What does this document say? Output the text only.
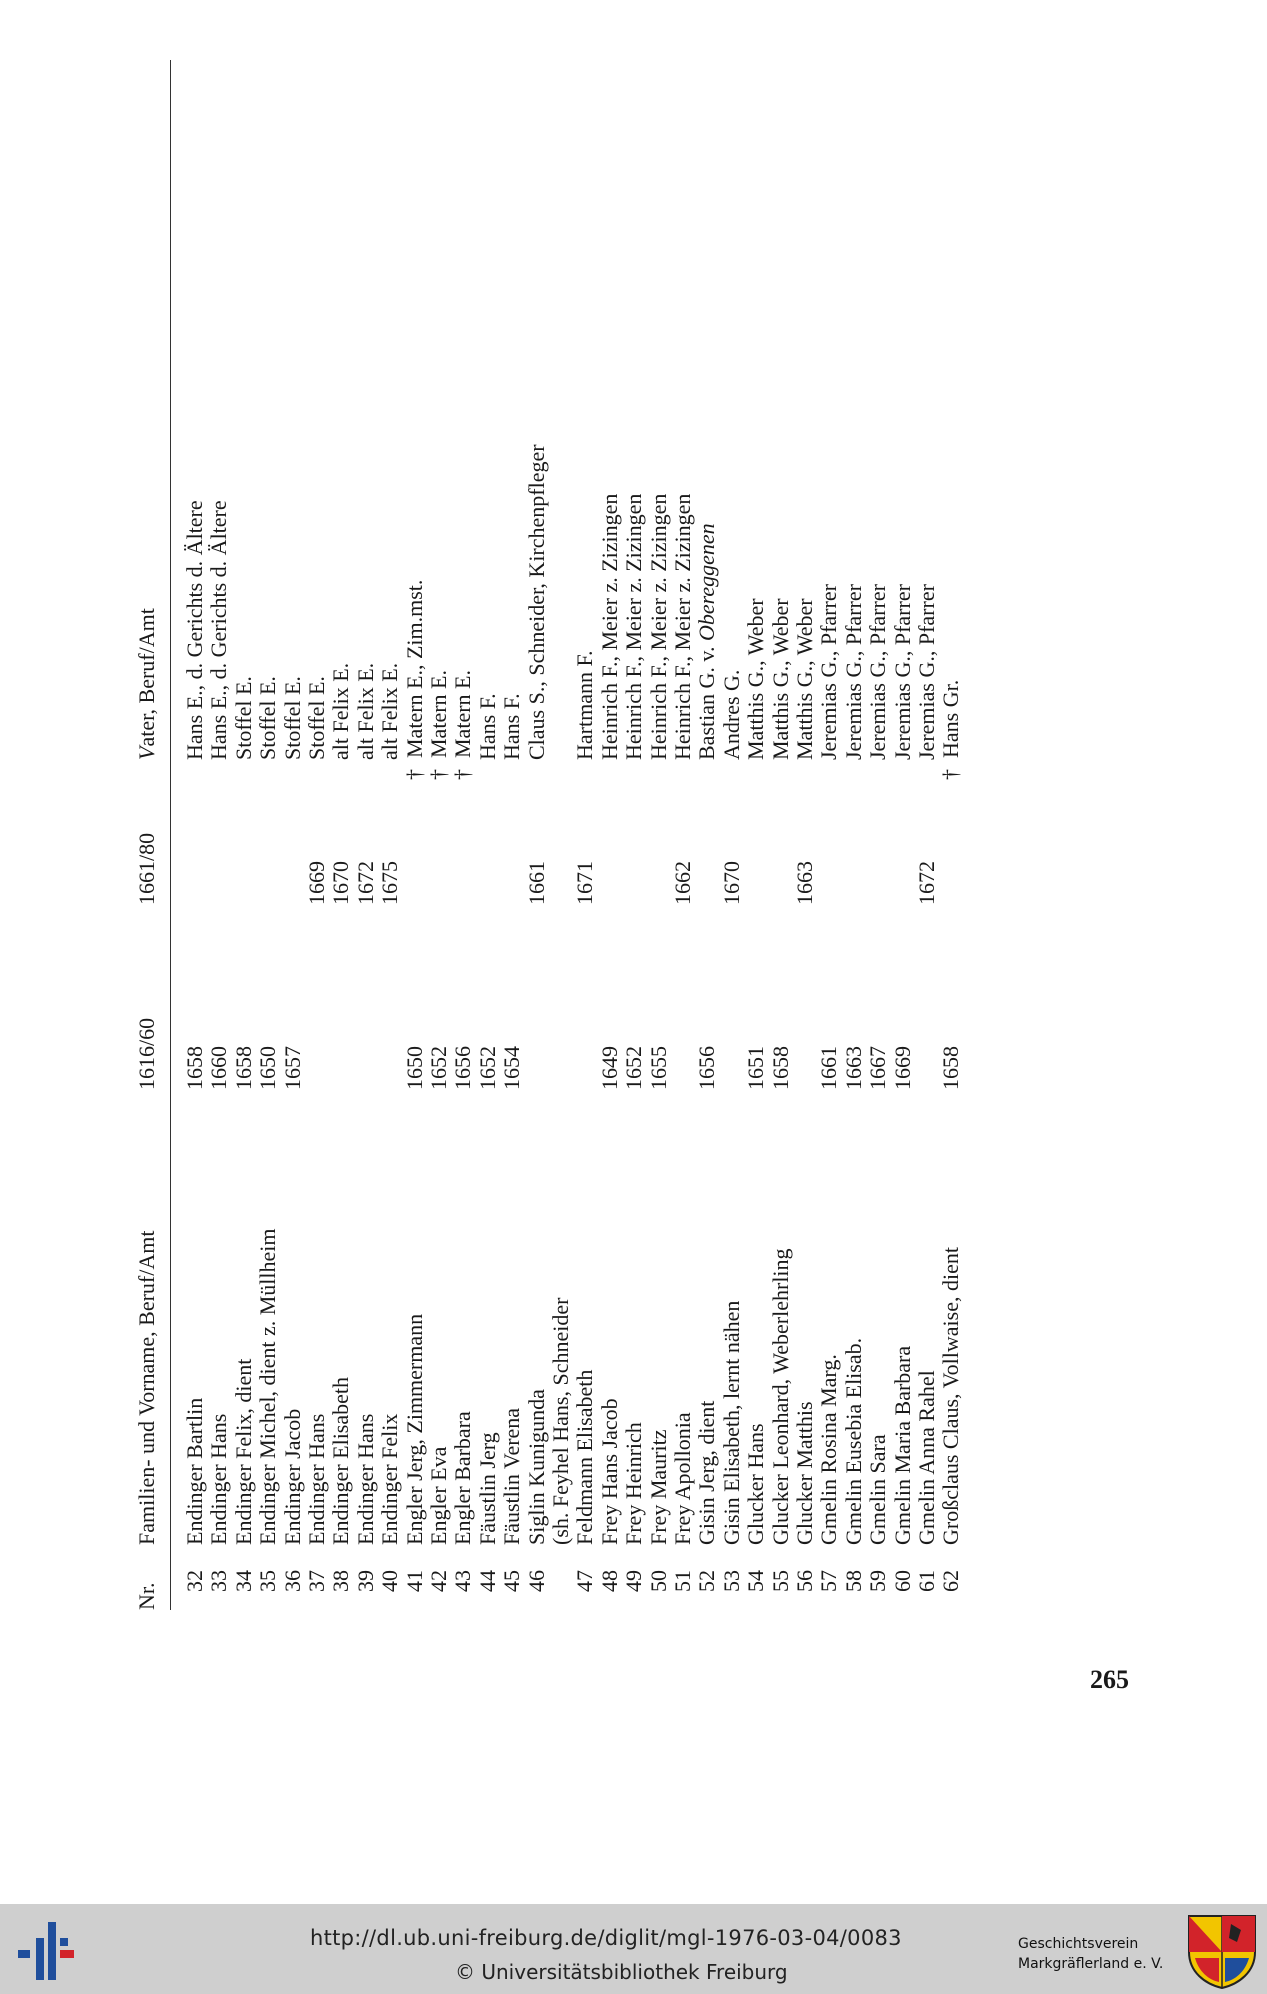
Nr.
Familien- und Vorname, Beruf/Amt
1616/60
1661/80
Vater, Beruf/Amt
32
Endinger Bartlin
1658
Hans E., d. Gerichts d. Ältere
33
Endinger Hans
1660
Hans E., d. Gerichts d. Ältere
34
Endinger Felix, dient
1658
Stoffel E.
35
Endinger Michel, dient z. Müllheim
1650
Stoffel E.
36
Endinger Jacob
1657
Stoffel E.
37
Endinger Hans
1669
Stoffel E.
38
Endinger Elisabeth
1670
alt Felix E.
39
Endinger Hans
1672
alt Felix E.
40
Endinger Felix
1675
alt Felix E.
41
Engler Jerg, Zimmermann
1650
†Matern E., Zim.mst.
42
Engler Eva
1652
†Matern E.
43
Engler Barbara
1656
†Matern E.
44
Fäustlin Jerg
1652
Hans F.
45
Fäustlin Verena
1654
Hans F.
46
Siglin Kunigunda
1661
Claus S., Schneider, Kirchenpfleger
(sh. Feyhel Hans, Schneider
47
Feldmann Elisabeth
1671
Hartmann F.
48
Frey Hans Jacob
1649
Heinrich F., Meier z. Zizingen
49
Frey Heinrich
1652
Heinrich F., Meier z. Zizingen
50
Frey Mauritz
1655
Heinrich F., Meier z. Zizingen
51
Frey Apollonia
1662
Heinrich F., Meier z. Zizingen
52
Gisin Jerg, dient
1656
Bastian G. v. Obereggenen
53
Gisin Elisabeth, lernt nähen
1670
Andres G.
54
Glucker Hans
1651
Matthis G., Weber
55
Glucker Leonhard, Weberlehrling
1658
Matthis G., Weber
56
Glucker Matthis
1663
Matthis G., Weber
57
Gmelin Rosina Marg.
1661
Jeremias G., Pfarrer
58
Gmelin Eusebia Elisab.
1663
Jeremias G., Pfarrer
59
Gmelin Sara
1667
Jeremias G., Pfarrer
60
Gmelin Maria Barbara
1669
Jeremias G., Pfarrer
61
Gmelin Anna Rahel
1672
Jeremias G., Pfarrer
62
Großclaus Claus, Vollwaise, dient
1658
†Hans Gr.
265
http://dl.ub.uni-freiburg.de/diglit/mgl-1976-03-04/0083
© Universitätsbibliothek Freiburg
Geschichtsverein
Markgräflerland e. V.
